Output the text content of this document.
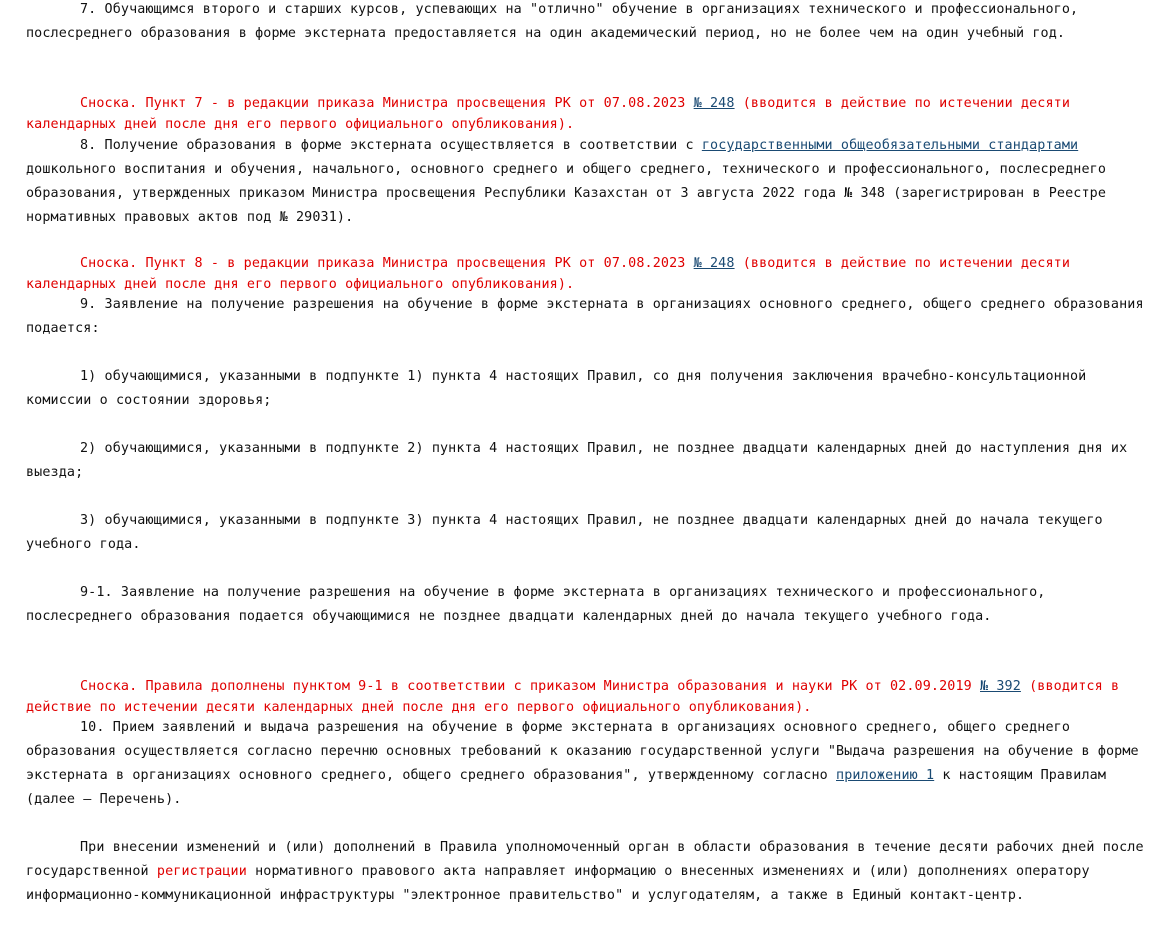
7. Обучающимся второго и старших курсов, успевающих на "отлично" обучение в организациях технического и профессионального, послесреднего образования в форме экстерната предоставляется на один академический период, но не более чем на один учебный год.

Сноска. Пункт 7 - в редакции приказа Министра просвещения РК от 07.08.2023 № 248 (вводится в действие по истечении десяти календарных дней после дня его первого официального опубликования).

8. Получение образования в форме экстерната осуществляется в соответствии с государственными общеобязательными стандартами дошкольного воспитания и обучения, начального, основного среднего и общего среднего, технического и профессионального, послесреднего образования, утвержденных приказом Министра просвещения Республики Казахстан от 3 августа 2022 года № 348 (зарегистрирован в Реестре нормативных правовых актов под № 29031).

Сноска. Пункт 8 - в редакции приказа Министра просвещения РК от 07.08.2023 № 248 (вводится в действие по истечении десяти календарных дней после дня его первого официального опубликования).

9. Заявление на получение разрешения на обучение в форме экстерната в организациях основного среднего, общего среднего образования подается:

1) обучающимися, указанными в подпункте 1) пункта 4 настоящих Правил, со дня получения заключения врачебно-консультационной комиссии о состоянии здоровья;

2) обучающимися, указанными в подпункте 2) пункта 4 настоящих Правил, не позднее двадцати календарных дней до наступления дня их выезда;

3) обучающимися, указанными в подпункте 3) пункта 4 настоящих Правил, не позднее двадцати календарных дней до начала текущего учебного года.

9-1. Заявление на получение разрешения на обучение в форме экстерната в организациях технического и профессионального, послесреднего образования подается обучающимися не позднее двадцати календарных дней до начала текущего учебного года.

Сноска. Правила дополнены пунктом 9-1 в соответствии с приказом Министра образования и науки РК от 02.09.2019 № 392 (вводится в действие по истечении десяти календарных дней после дня его первого официального опубликования).

10. Прием заявлений и выдача разрешения на обучение в форме экстерната в организациях основного среднего, общего среднего образования осуществляется согласно перечню основных требований к оказанию государственной услуги "Выдача разрешения на обучение в форме экстерната в организациях основного среднего, общего среднего образования", утвержденному согласно приложению 1 к настоящим Правилам (далее – Перечень).

При внесении изменений и (или) дополнений в Правила уполномоченный орган в области образования в течение десяти рабочих дней после государственной регистрации нормативного правового акта направляет информацию о внесенных изменениях и (или) дополнениях оператору информационно-коммуникационной инфраструктуры "электронное правительство" и услугодателям, а также в Единый контакт-центр.
